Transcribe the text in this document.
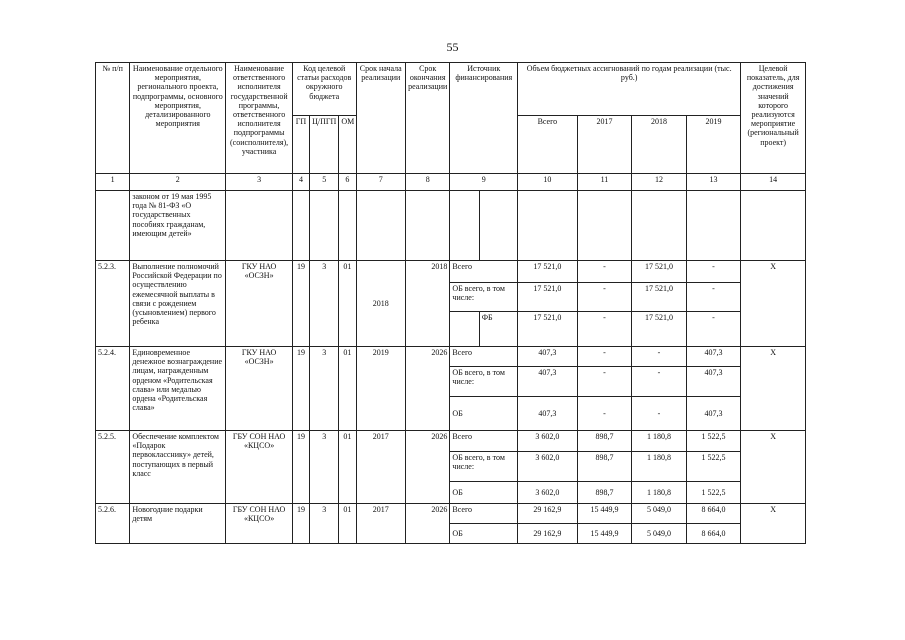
55
№ п/п	Наименование отдельного мероприятия, регионального проекта, подпрограммы, основного мероприятия, детализированного мероприятия	Наименование ответственного исполнителя государственной программы, ответственного исполнителя подпрограммы (соисполнителя), участника	Код целевой статьи расходов окружного бюджета			Срок начала реализации	Срок окончания реализации	Источник финансирования		Объем бюджетных ассигнований по годам реализации (тыс. руб.)				Целевой показатель, для достижения значений которого реализуются мероприятие (региональный проект)
			ГП	Ц/ПГП	ОМ					Всего	2017	2018	2019	
1	2	3	4	5	6	7	8	9		10	11	12	13	14
	законом от 19 мая 1995 года № 81-ФЗ «О государственных пособиях гражданам, имеющим детей»													
5.2.3.	Выполнение полномочий Российской Федерации по осуществлению ежемесячной выплаты в связи с рождением (усыновлением) первого ребенка	ГКУ НАО «ОСЗН»	19	3	01	2018	2018	Всего		17 521,0	-	17 521,0	-	Х
								ОБ всего, в том числе:		17 521,0	-	17 521,0	-	
									ФБ	17 521,0	-	17 521,0	-	
5.2.4.	Единовременное денежное вознаграждение лицам, награжденным орденом «Родительская слава» или медалью ордена «Родительская слава»	ГКУ НАО «ОСЗН»	19	3	01	2019	2026	Всего		407,3	-	-	407,3	Х
								ОБ всего, в том числе:		407,3	-	-	407,3	
								ОБ		407,3	-	-	407,3	
5.2.5.	Обеспечение комплектом «Подарок первокласснику» детей, поступающих в первый класс	ГБУ СОН НАО «КЦСО»	19	3	01	2017	2026	Всего		3 602,0	898,7	1 180,8	1 522,5	Х
								ОБ всего, в том числе:		3 602,0	898,7	1 180,8	1 522,5	
								ОБ		3 602,0	898,7	1 180,8	1 522,5	
5.2.6.	Новогодние подарки детям	ГБУ СОН НАО «КЦСО»	19	3	01	2017	2026	Всего		29 162,9	15 449,9	5 049,0	8 664,0	Х
								ОБ		29 162,9	15 449,9	5 049,0	8 664,0	
